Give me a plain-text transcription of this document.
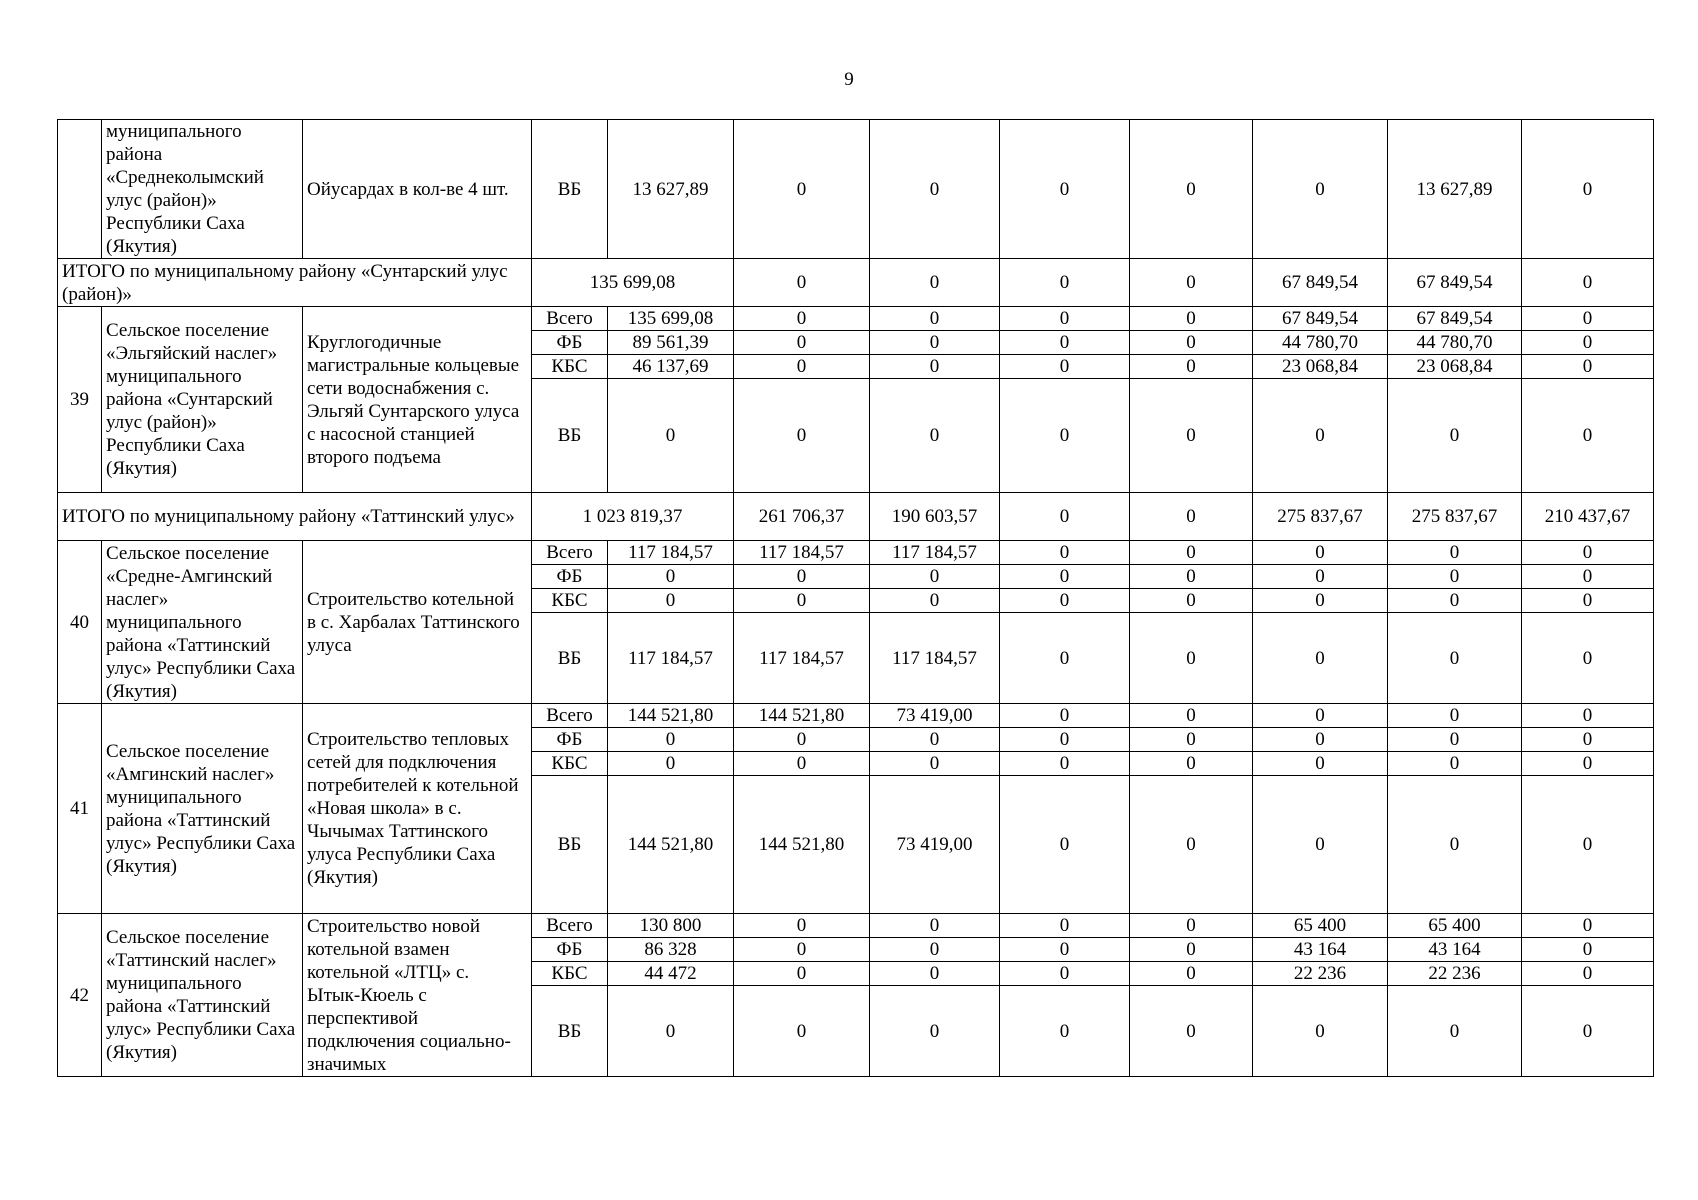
9
	муниципального района «Среднеколымский улус (район)» Республики Саха (Якутия)	Ойусардах в кол-ве 4 шт.	ВБ	13 627,89	0	0	0	0	0	13 627,89	0
ИТОГО по муниципальному району «Сунтарский улус (район)»			135 699,08		0	0	0	0	67 849,54	67 849,54	0
39	Сельское поселение «Эльгяйский наслег» муниципального района «Сунтарский улус (район)» Республики Саха (Якутия)	Круглогодичные магистральные кольцевые сети водоснабжения с. Эльгяй Сунтарского улуса с насосной станцией второго подъема	Всего	135 699,08	0	0	0	0	67 849,54	67 849,54	0
			ФБ	89 561,39	0	0	0	0	44 780,70	44 780,70	0
			КБС	46 137,69	0	0	0	0	23 068,84	23 068,84	0
			ВБ	0	0	0	0	0	0	0	0
ИТОГО по муниципальному району «Таттинский улус»			1 023 819,37		261 706,37	190 603,57	0	0	275 837,67	275 837,67	210 437,67
40	Сельское поселение «Средне-Амгинский наслег» муниципального района «Таттинский улус» Республики Саха (Якутия)	Строительство котельной в с. Харбалах Таттинского улуса	Всего	117 184,57	117 184,57	117 184,57	0	0	0	0	0
			ФБ	0	0	0	0	0	0	0	0
			КБС	0	0	0	0	0	0	0	0
			ВБ	117 184,57	117 184,57	117 184,57	0	0	0	0	0
41	Сельское поселение «Амгинский наслег» муниципального района «Таттинский улус» Республики Саха (Якутия)	Строительство тепловых сетей для подключения потребителей к котельной «Новая школа» в с. Чычымах Таттинского улуса Республики Саха (Якутия)	Всего	144 521,80	144 521,80	73 419,00	0	0	0	0	0
			ФБ	0	0	0	0	0	0	0	0
			КБС	0	0	0	0	0	0	0	0
			ВБ	144 521,80	144 521,80	73 419,00	0	0	0	0	0
42	Сельское поселение «Таттинский наслег» муниципального района «Таттинский улус» Республики Саха (Якутия)	Строительство новой котельной взамен котельной «ЛТЦ» с. Ытык-Кюель с перспективой подключения социально-значимых	Всего	130 800	0	0	0	0	65 400	65 400	0
			ФБ	86 328	0	0	0	0	43 164	43 164	0
			КБС	44 472	0	0	0	0	22 236	22 236	0
			ВБ	0	0	0	0	0	0	0	0
